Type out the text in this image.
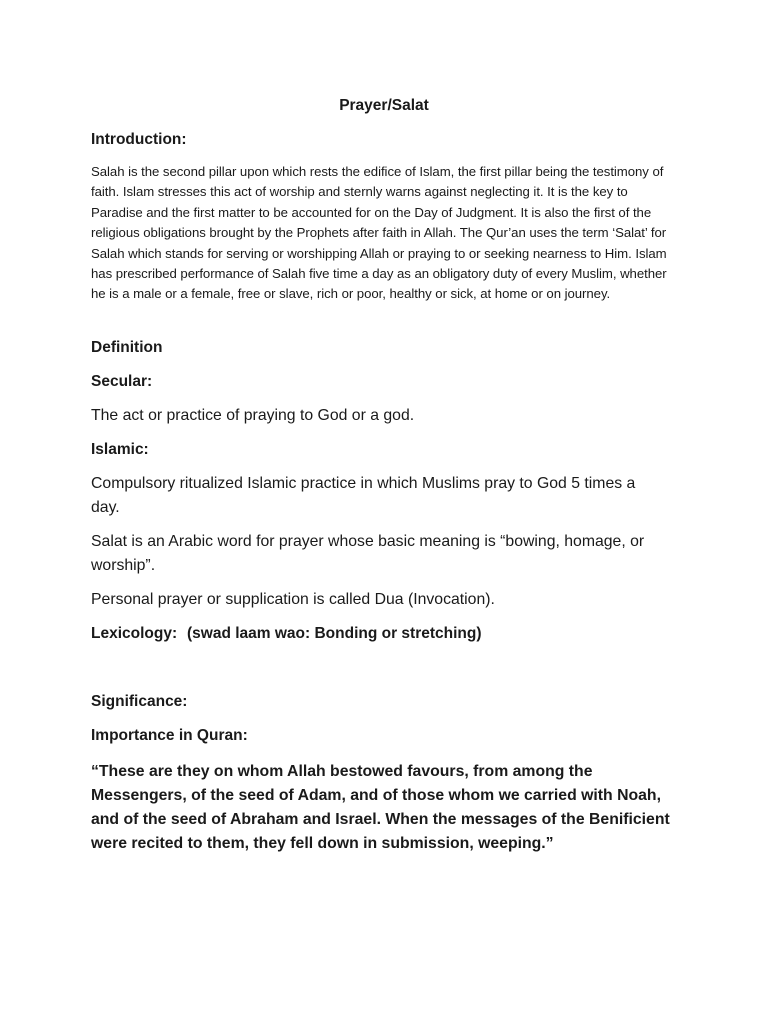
Prayer/Salat
Introduction:

Salah is the second pillar upon which rests the edifice of Islam, the first pillar being the testimony of faith. Islam stresses this act of worship and sternly warns against neglecting it. It is the key to Paradise and the first matter to be accounted for on the Day of Judgment. It is also the first of the religious obligations brought by the Prophets after faith in Allah. The Qur’an uses the term ‘Salat’ for Salah which stands for serving or worshipping Allah or praying to or seeking nearness to Him. Islam has prescribed performance of Salah five time a day as an obligatory duty of every Muslim, whether he is a male or a female, free or slave, rich or poor, healthy or sick, at home or on journey.

Definition
Secular:

The act or practice of praying to God or a god.

Islamic:

Compulsory ritualized Islamic practice in which Muslims pray to God 5 times a day.

Salat is an Arabic word for prayer whose basic meaning is “bowing, homage, or worship”.

Personal prayer or supplication is called Dua (Invocation).

Lexicology: (swad laam wao: Bonding or stretching)
Significance:
Importance in Quran:

“These are they on whom Allah bestowed favours, from among the Messengers, of the seed of Adam, and of those whom we carried with Noah, and of the seed of Abraham and Israel. When the messages of the Benificient were recited to them, they fell down in submission, weeping.”
